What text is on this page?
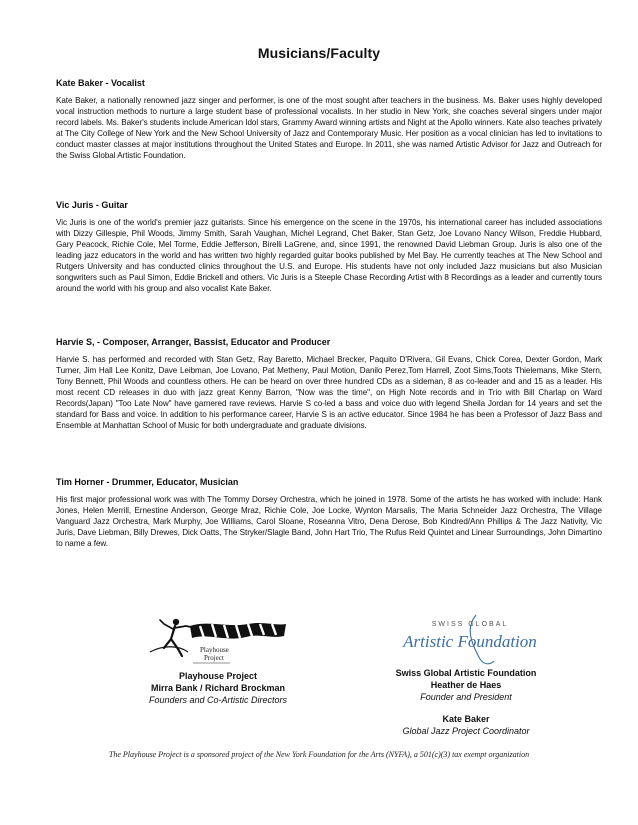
Musicians/Faculty
Kate Baker - Vocalist

Kate Baker, a nationally renowned jazz singer and performer, is one of the most sought after teachers in the business. Ms. Baker uses highly developed vocal instruction methods to nurture a large student base of professional vocalists. In her studio in New York, she coaches several singers under major record labels. Ms. Baker's students include American Idol stars, Grammy Award winning artists and Night at the Apollo winners. Kate also teaches privately at The City College of New York and the New School University of Jazz and Contemporary Music. Her position as a vocal clinician has led to invitations to conduct master classes at major institutions throughout the United States and Europe. In 2011, she was named Artistic Advisor for Jazz and Outreach for the Swiss Global Artistic Foundation.

Vic Juris - Guitar

Vic Juris is one of the world's premier jazz guitarists. Since his emergence on the scene in the 1970s, his international career has included associations with Dizzy Gillespie, Phil Woods, Jimmy Smith, Sarah Vaughan, Michel Legrand, Chet Baker, Stan Getz, Joe Lovano Nancy Wilson, Freddie Hubbard, Gary Peacock, Richie Cole, Mel Torme, Eddie Jefferson, Birelli LaGrene, and, since 1991, the renowned David Liebman Group. Juris is also one of the leading jazz educators in the world and has written two highly regarded guitar books published by Mel Bay. He currently teaches at The New School and Rutgers University and has conducted clinics throughout the U.S. and Europe. His students have not only included Jazz musicians but also Musician songwriters such as Paul Simon, Eddie Brickell and others. Vic Juris is a Steeple Chase Recording Artist with 8 Recordings as a leader and currently tours around the world with his group and also vocalist Kate Baker.

Harvie S, - Composer, Arranger, Bassist, Educator and Producer

Harvie S. has performed and recorded with Stan Getz, Ray Baretto, Michael Brecker, Paquito D'Rivera, Gil Evans, Chick Corea, Dexter Gordon, Mark Turner, Jim Hall Lee Konitz, Dave Leibman, Joe Lovano, Pat Metheny, Paul Motion, Danilo Perez,Tom Harrell, Zoot Sims,Toots Thielemans, Mike Stern, Tony Bennett, Phil Woods and countless others. He can be heard on over three hundred CDs as a sideman, 8 as co-leader and and 15 as a leader. His most recent CD releases in duo with jazz great Kenny Barron, "Now was the time", on High Note records and in Trio with Bill Charlap on Ward Records(Japan) "Too Late Now" have garnered rave reviews. Harvie S co-led a bass and voice duo with legend Sheila Jordan for 14 years and set the standard for Bass and voice. In addition to his performance career, Harvie S is an active educator. Since 1984 he has been a Professor of Jazz Bass and Ensemble at Manhattan School of Music for both undergraduate and graduate divisions.

Tim Horner - Drummer, Educator, Musician

His first major professional work was with The Tommy Dorsey Orchestra, which he joined in 1978. Some of the artists he has worked with include: Hank Jones, Helen Merrill, Ernestine Anderson, George Mraz, Richie Cole, Joe Locke, Wynton Marsalis, The Maria Schneider Jazz Orchestra, The Village Vanguard Jazz Orchestra, Mark Murphy, Joe Williams, Carol Sloane, Roseanna Vitro, Dena Derose, Bob Kindred/Ann Phillips & The Jazz Nativity, Vic Juris, Dave Liebman, Billy Drewes, Dick Oatts, The Stryker/Slagle Band, John Hart Trio, The Rufus Reid Quintet and Linear Surroundings, John Dimartino to name a few.

Playhouse
Project
SWISS GLOBAL
Artistic Foundation
Playhouse Project
Mirra Bank / Richard Brockman
Founders and Co-Artistic Directors
Swiss Global Artistic Foundation
Heather de Haes
Founder and President
Kate Baker
Global Jazz Project Coordinator
The Playhouse Project is a sponsored project of the New York Foundation for the Arts (NYFA), a 501(c)(3) tax exempt organization
